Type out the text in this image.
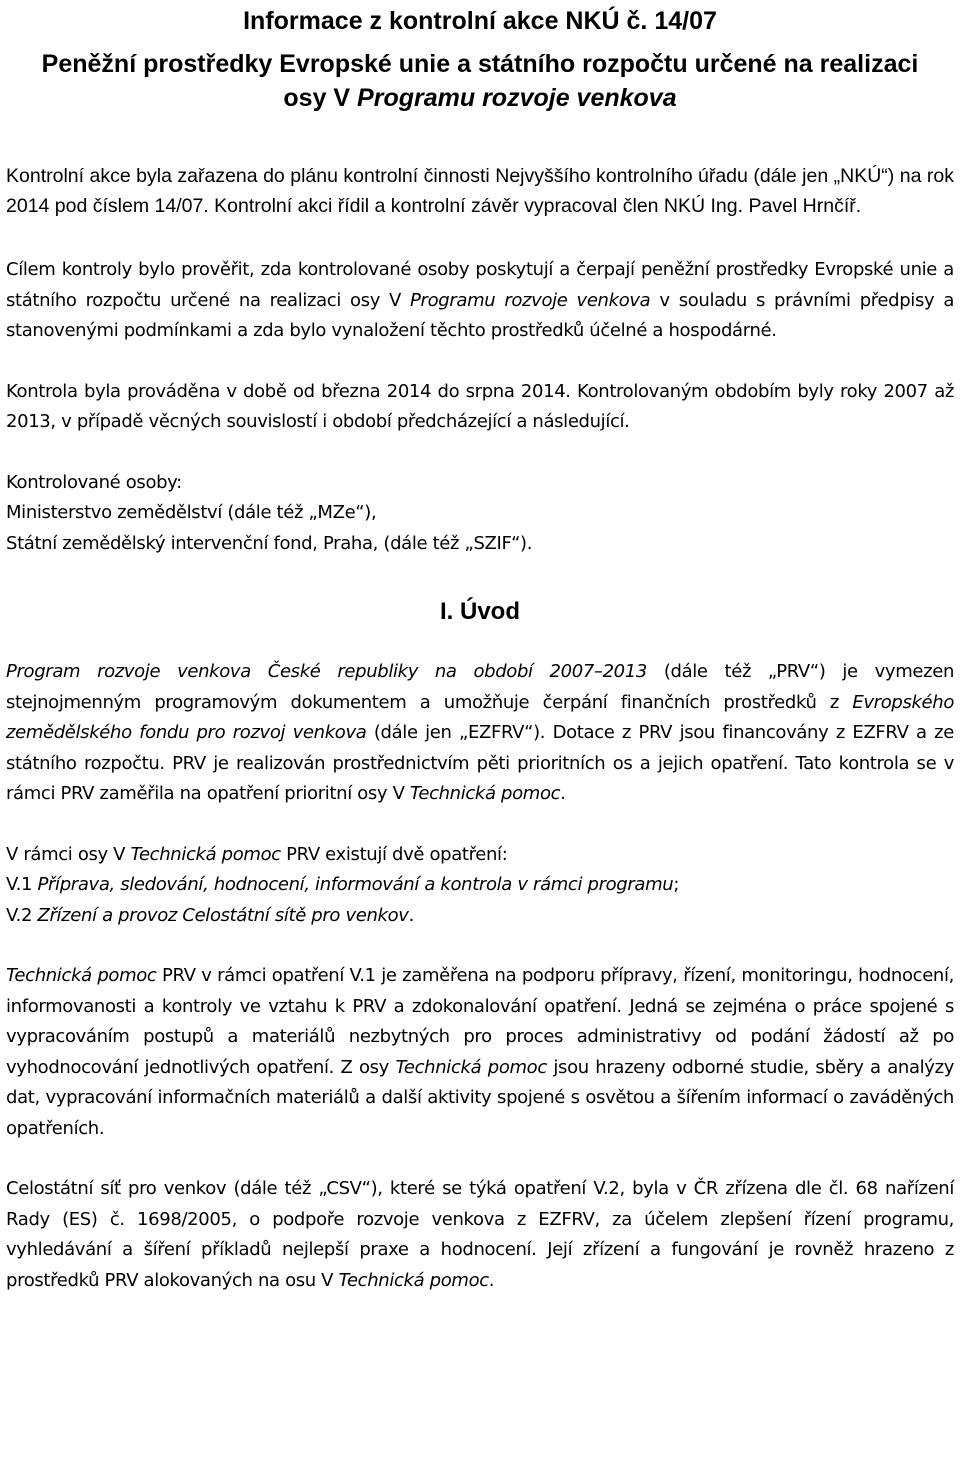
Informace z kontrolní akce NKÚ č. 14/07

Peněžní prostředky Evropské unie a státního rozpočtu určené na realizaci
osy V Programu rozvoje venkova

Kontrolní akce byla zařazena do plánu kontrolní činnosti Nejvyššího kontrolního úřadu (dále jen „NKÚ“) na rok 2014 pod číslem 14/07. Kontrolní akci řídil a kontrolní závěr vypracoval člen NKÚ Ing. Pavel Hrnčíř.

Cílem kontroly bylo prověřit, zda kontrolované osoby poskytují a čerpají peněžní prostředky Evropské unie a státního rozpočtu určené na realizaci osy V Programu rozvoje venkova v souladu s právními předpisy a stanovenými podmínkami a zda bylo vynaložení těchto prostředků účelné a hospodárné.

Kontrola byla prováděna v době od března 2014 do srpna 2014. Kontrolovaným obdobím byly roky 2007 až 2013, v případě věcných souvislostí i období předcházející a následující.

Kontrolované osoby:
Ministerstvo zemědělství (dále též „MZe“),
Státní zemědělský intervenční fond, Praha, (dále též „SZIF“).
I. Úvod

Program rozvoje venkova České republiky na období 2007–2013 (dále též „PRV“) je vymezen stejnojmenným programovým dokumentem a umožňuje čerpání finančních prostředků z Evropského zemědělského fondu pro rozvoj venkova (dále jen „EZFRV“). Dotace z PRV jsou financovány z EZFRV a ze státního rozpočtu. PRV je realizován prostřednictvím pěti prioritních os a jejich opatření. Tato kontrola se v rámci PRV zaměřila na opatření prioritní osy V Technická pomoc.

V rámci osy V Technická pomoc PRV existují dvě opatření:
V.1 Příprava, sledování, hodnocení, informování a kontrola v rámci programu;
V.2 Zřízení a provoz Celostátní sítě pro venkov.

Technická pomoc PRV v rámci opatření V.1 je zaměřena na podporu přípravy, řízení, monitoringu, hodnocení, informovanosti a kontroly ve vztahu k PRV a zdokonalování opatření. Jedná se zejména o práce spojené s vypracováním postupů a materiálů nezbytných pro proces administrativy od podání žádostí až po vyhodnocování jednotlivých opatření. Z osy Technická pomoc jsou hrazeny odborné studie, sběry a analýzy dat, vypracování informačních materiálů a další aktivity spojené s osvětou a šířením informací o zaváděných opatřeních.

Celostátní síť pro venkov (dále též „CSV“), které se týká opatření V.2, byla v ČR zřízena dle čl. 68 nařízení Rady (ES) č. 1698/2005, o podpoře rozvoje venkova z EZFRV, za účelem zlepšení řízení programu, vyhledávání a šíření příkladů nejlepší praxe a hodnocení. Její zřízení a fungování je rovněž hrazeno z prostředků PRV alokovaných na osu V Technická pomoc.
